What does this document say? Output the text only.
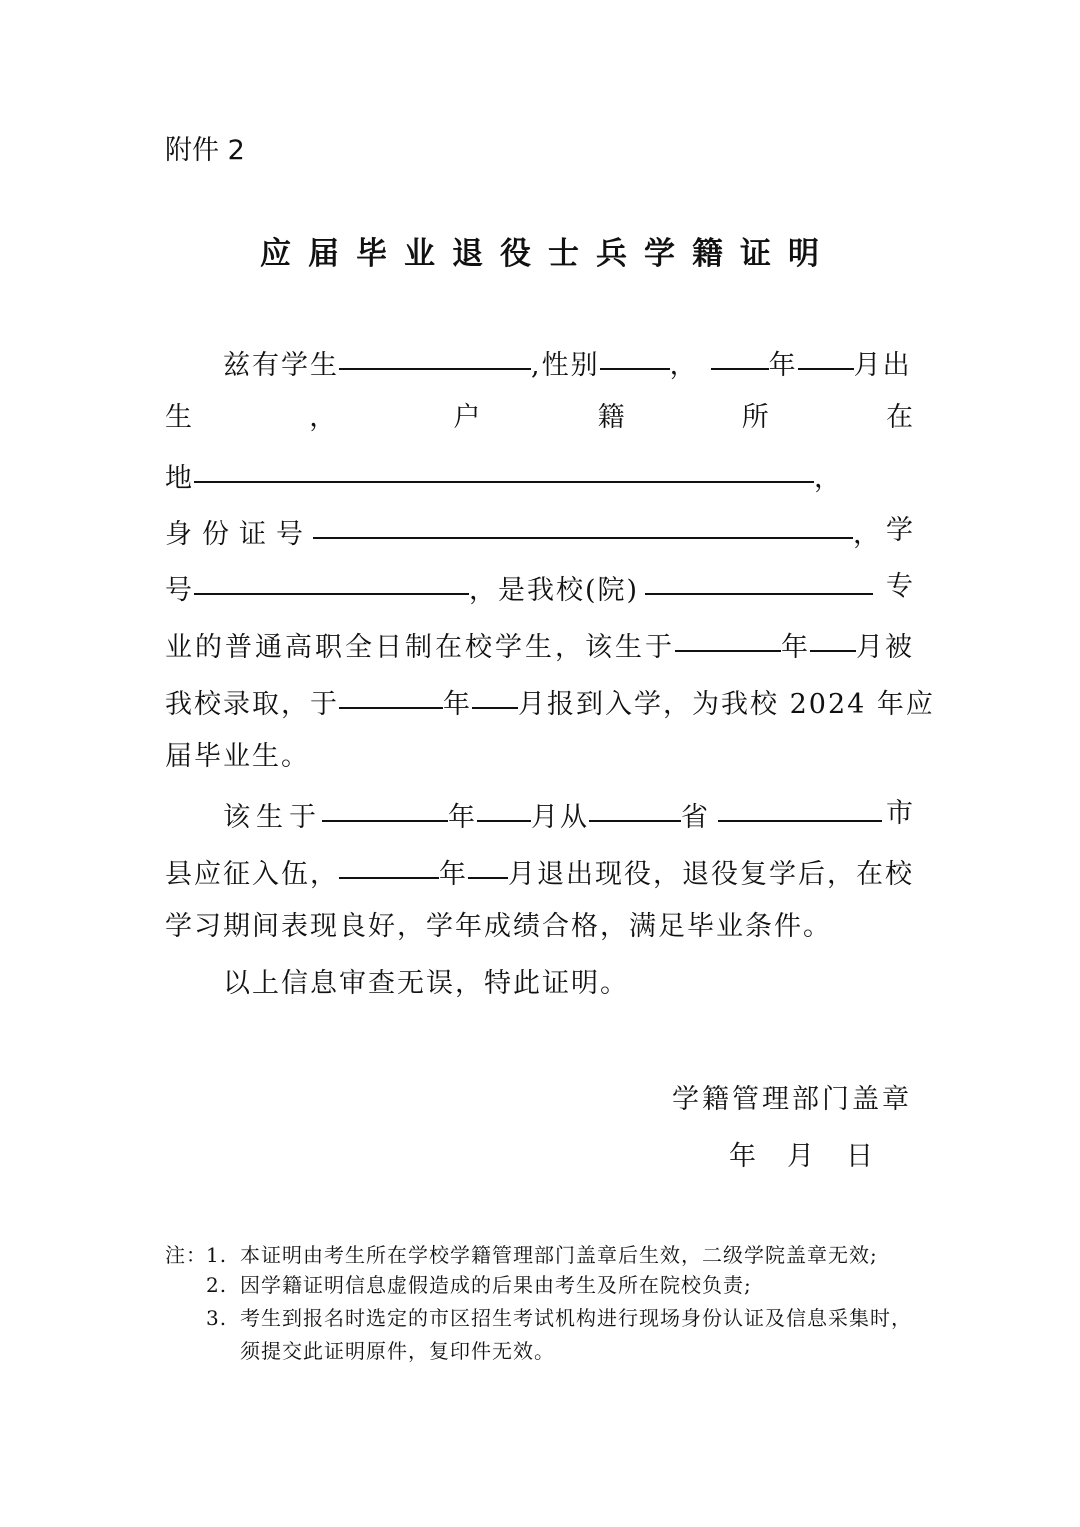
附件 2
应届毕业退役士兵学籍证明
兹有学生	,性别	，	年 月出
生	，	户	籍	所	在
地	，
身份证号	， 学
号	，是我校(院)	专
业的普通高职全日制在校学生，该生于	年 月被
我校录取，于	年 月报到入学，为我校 2024 年应
届毕业生。
该生于	年 月从	省	市
县应征入伍，	年 月退出现役，退役复学后，在校
学习期间表现良好，学年成绩合格，满足毕业条件。
以上信息审查无误，特此证明。
学籍管理部门盖章
年 月 日
注： 1. 本证明由考生所在学校学籍管理部门盖章后生效，二级学院盖章无效;
2. 因学籍证明信息虚假造成的后果由考生及所在院校负责;
3. 考生到报名时选定的市区招生考试机构进行现场身份认证及信息采集时，
须提交此证明原件，复印件无效。
